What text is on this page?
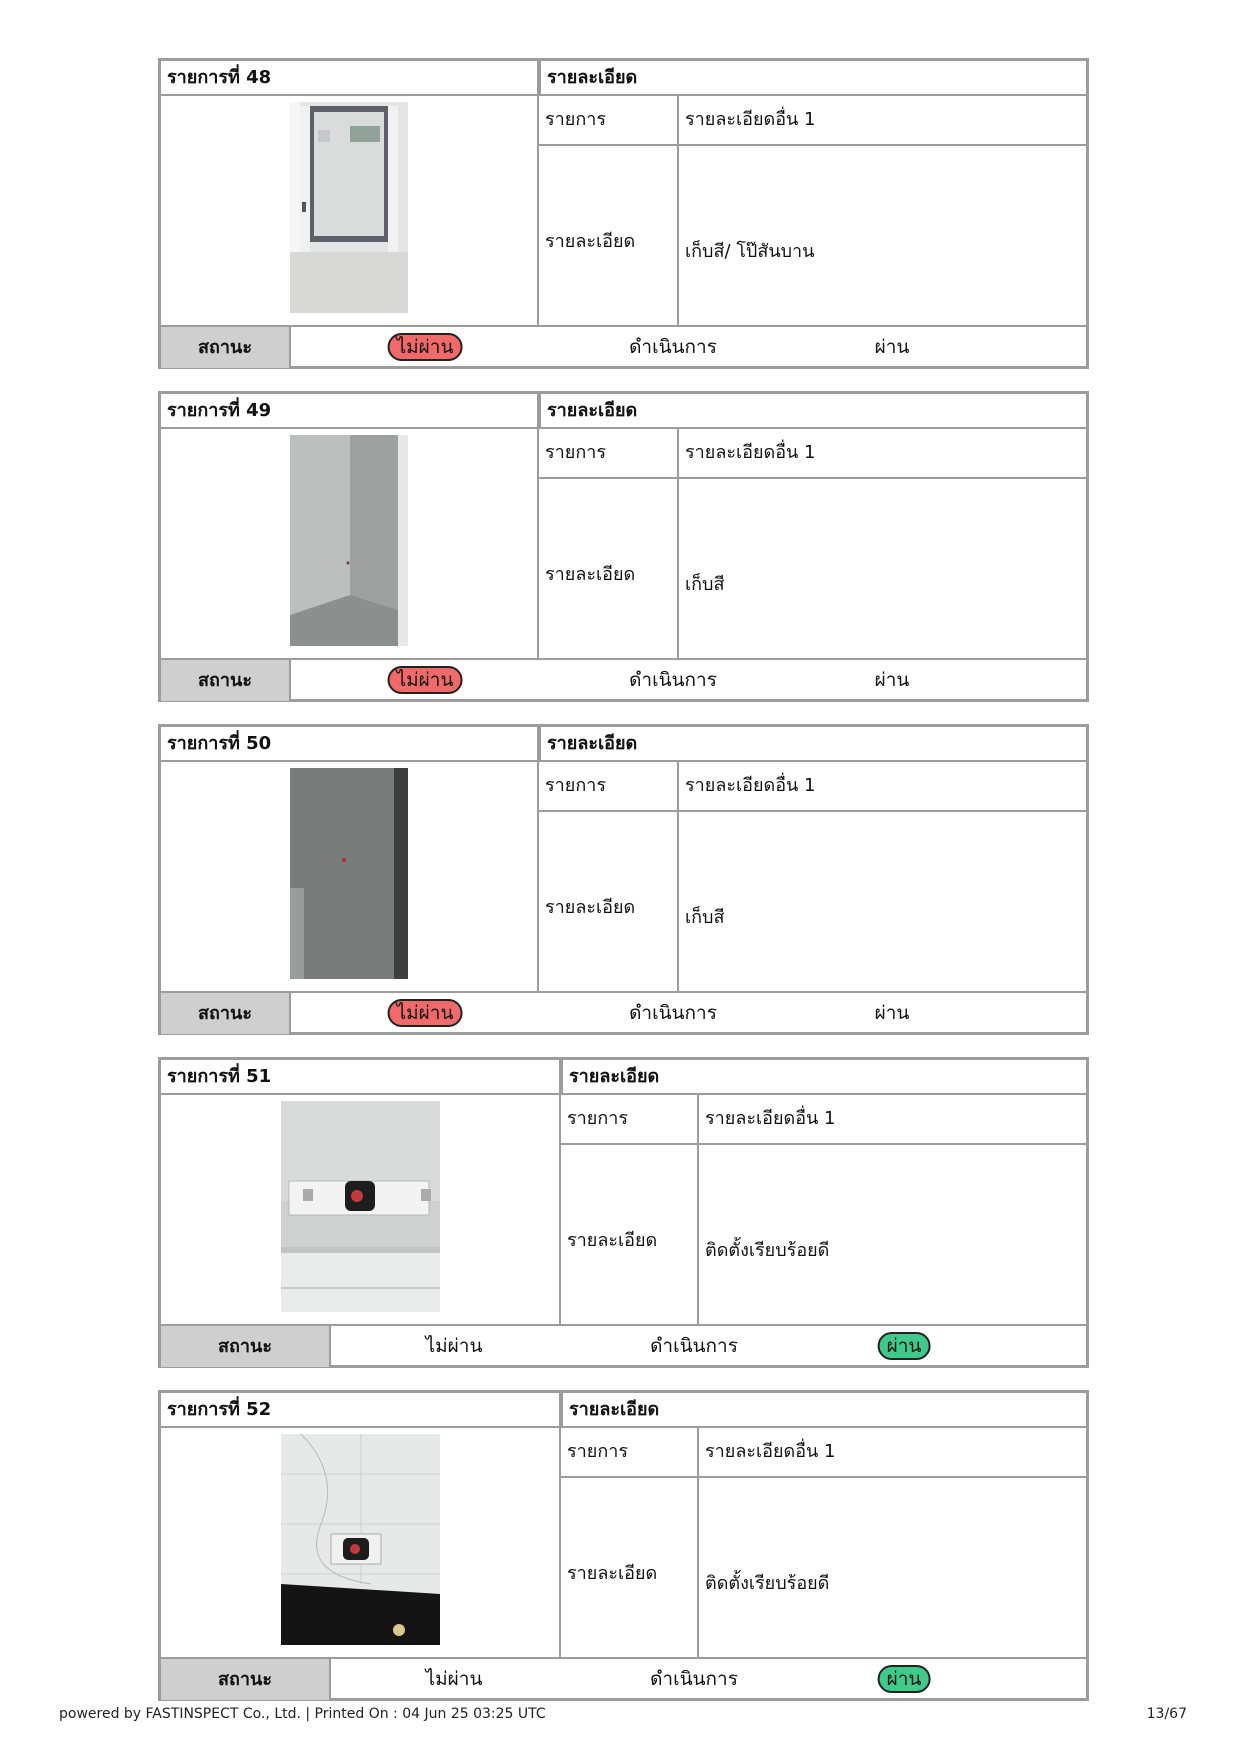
รายการที่ 48	รายละเอียด
รายการ	รายละเอียดอื่น 1
รายละเอียด	เก็บสี/ โป๊สันบาน
สถานะ	ไม่ผ่าน	ดำเนินการ	ผ่าน
รายการที่ 49	รายละเอียด
รายการ	รายละเอียดอื่น 1
รายละเอียด	เก็บสี
สถานะ	ไม่ผ่าน	ดำเนินการ	ผ่าน
รายการที่ 50	รายละเอียด
รายการ	รายละเอียดอื่น 1
รายละเอียด	เก็บสี
สถานะ	ไม่ผ่าน	ดำเนินการ	ผ่าน
รายการที่ 51	รายละเอียด
รายการ	รายละเอียดอื่น 1
รายละเอียด	ติดตั้งเรียบร้อยดี
สถานะ	ไม่ผ่าน	ดำเนินการ	ผ่าน
รายการที่ 52	รายละเอียด
รายการ	รายละเอียดอื่น 1
รายละเอียด	ติดตั้งเรียบร้อยดี
สถานะ	ไม่ผ่าน	ดำเนินการ	ผ่าน
powered by FASTINSPECT Co., Ltd. | Printed On : 04 Jun 25 03:25 UTC	13/67
